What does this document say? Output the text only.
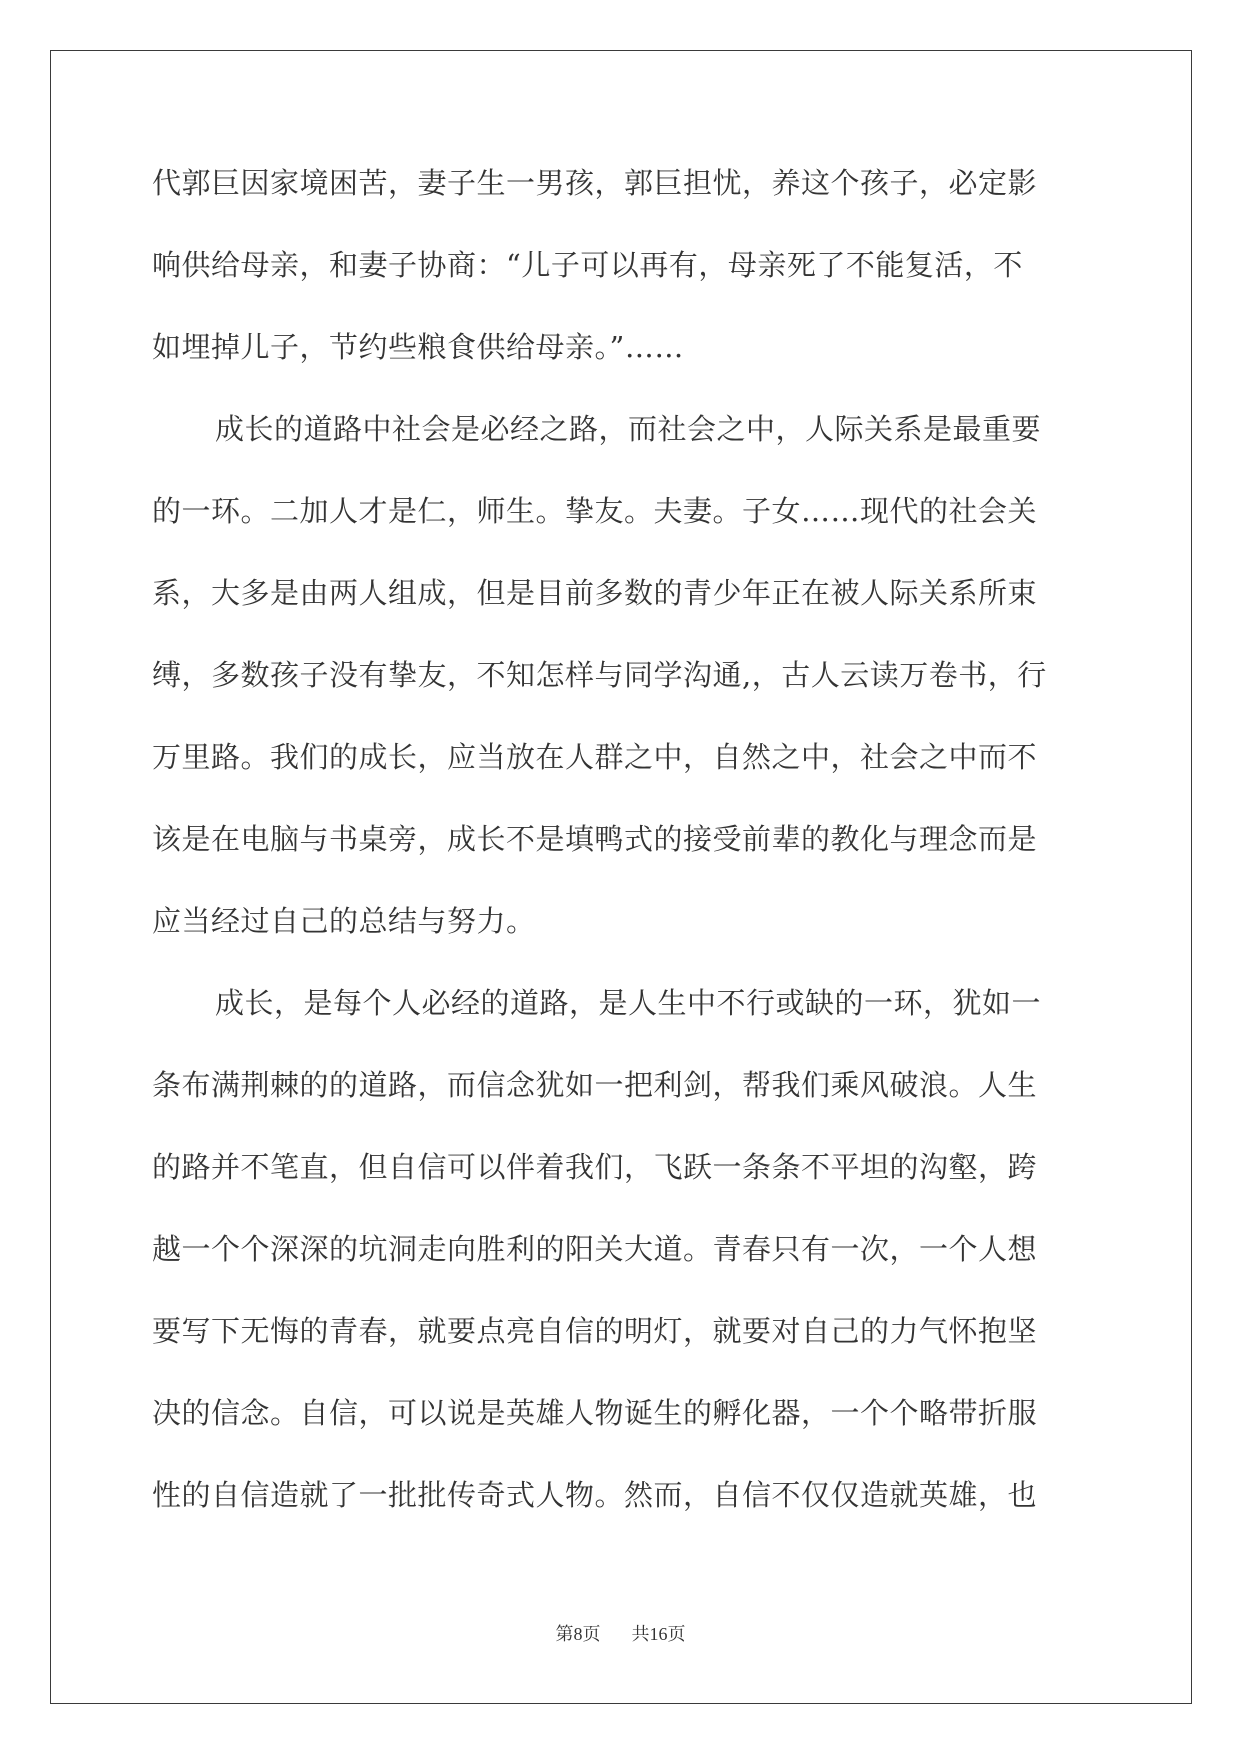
代郭巨因家境困苦，妻子生一男孩，郭巨担忧，养这个孩子，必定影
响供给母亲，和妻子协商：“儿子可以再有，母亲死了不能复活，不
如埋掉儿子，节约些粮食供给母亲。”……
成长的道路中社会是必经之路，而社会之中，人际关系是最重要
的一环。二加人才是仁，师生。挚友。夫妻。子女……现代的社会关
系，大多是由两人组成，但是目前多数的青少年正在被人际关系所束
缚，多数孩子没有挚友，不知怎样与同学沟通,，古人云读万卷书，行
万里路。我们的成长，应当放在人群之中，自然之中，社会之中而不
该是在电脑与书桌旁，成长不是填鸭式的接受前辈的教化与理念而是
应当经过自己的总结与努力。
成长，是每个人必经的道路，是人生中不行或缺的一环，犹如一
条布满荆棘的的道路，而信念犹如一把利剑，帮我们乘风破浪。人生
的路并不笔直，但自信可以伴着我们，飞跃一条条不平坦的沟壑，跨
越一个个深深的坑洞走向胜利的阳关大道。青春只有一次，一个人想
要写下无悔的青春，就要点亮自信的明灯，就要对自己的力气怀抱坚
决的信念。自信，可以说是英雄人物诞生的孵化器，一个个略带折服
性的自信造就了一批批传奇式人物。然而，自信不仅仅造就英雄，也
第8页 共16页
